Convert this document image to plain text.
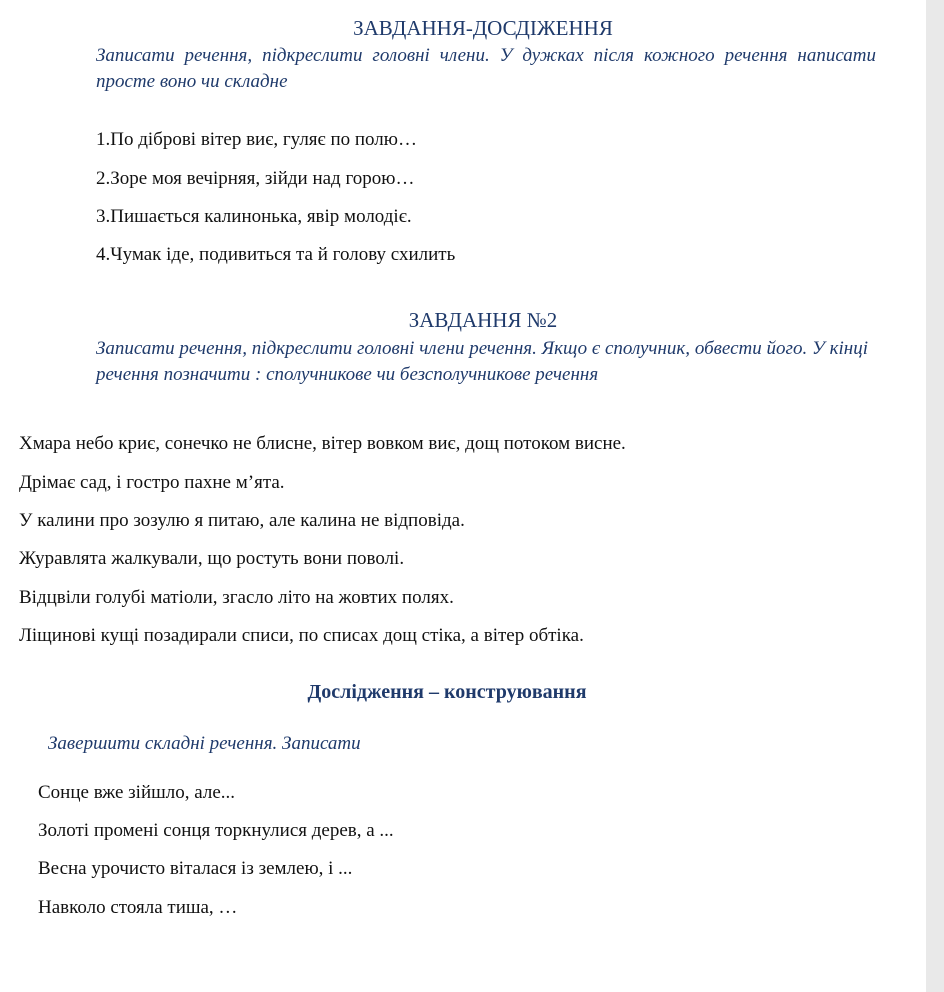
ЗАВДАННЯ-ДОСДІЖЕННЯ
Записати речення, підкреслити головні члени. У дужках після кожного речення написати просте воно чи складне
1.По діброві вітер виє, гуляє по полю…
2.Зоре моя вечірняя, зійди над горою…
3.Пишається калинонька, явір молодіє.
4.Чумак іде, подивиться та й голову схилить
ЗАВДАННЯ №2
Записати речення, підкреслити головні члени речення. Якщо є сполучник, обвести його. У кінці речення позначити : сполучникове чи безсполучникове речення
Хмара небо криє, сонечко не блисне, вітер вовком виє, дощ потоком висне.
Дрімає сад, і гостро пахне м’ята.
У калини про зозулю я питаю, але калина не відповіда.
Журавлята жалкували, що ростуть вони поволі.
Відцвіли голубі матіоли, згасло літо на жовтих полях.
Ліщинові кущі позадирали списи, по списах дощ стіка, а вітер обтіка.
Дослідження – конструювання
Завершити складні речення. Записати
Сонце вже зійшло, але...
Золоті промені сонця торкнулися дерев, а ...
Весна урочисто віталася із землею, і ...
Навколо стояла тиша, …
